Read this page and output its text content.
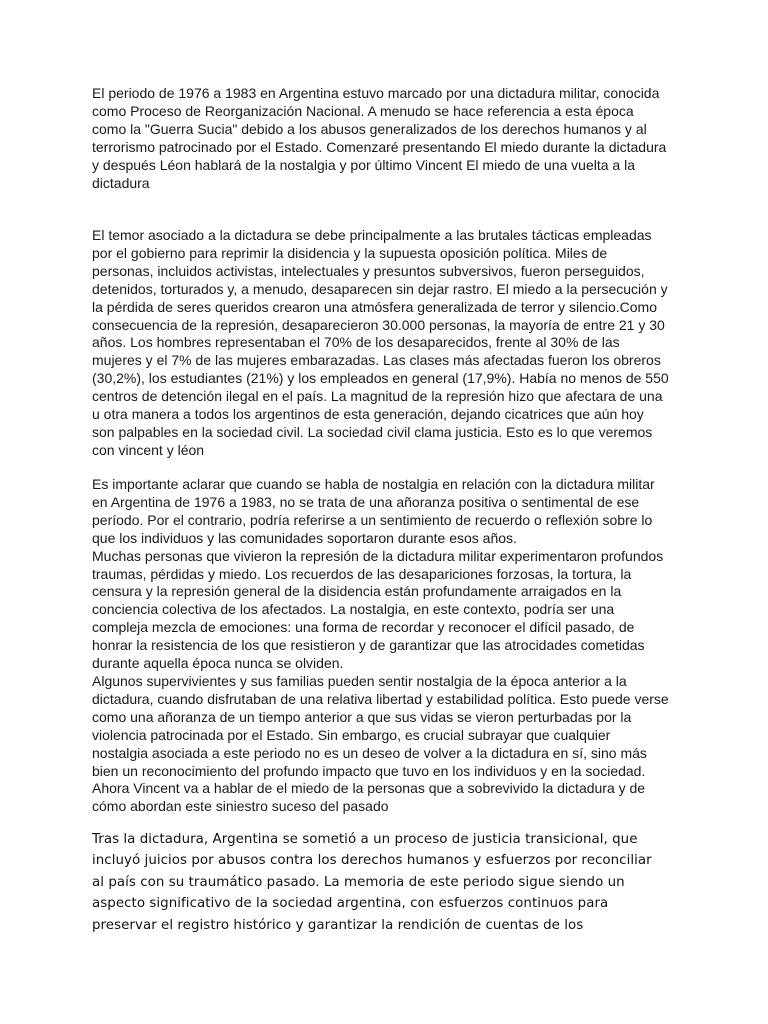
El periodo de 1976 a 1983 en Argentina estuvo marcado por una dictadura militar, conocida
como Proceso de Reorganización Nacional. A menudo se hace referencia a esta época
como la "Guerra Sucia" debido a los abusos generalizados de los derechos humanos y al
terrorismo patrocinado por el Estado. Comenzaré presentando El miedo durante la dictadura
y después Léon hablará de la nostalgia y por último Vincent El miedo de una vuelta a la
dictadura

El temor asociado a la dictadura se debe principalmente a las brutales tácticas empleadas
por el gobierno para reprimir la disidencia y la supuesta oposición política. Miles de
personas, incluidos activistas, intelectuales y presuntos subversivos, fueron perseguidos,
detenidos, torturados y, a menudo, desaparecen sin dejar rastro. El miedo a la persecución y
la pérdida de seres queridos crearon una atmósfera generalizada de terror y silencio.Como
consecuencia de la represión, desaparecieron 30.000 personas, la mayoría de entre 21 y 30
años. Los hombres representaban el 70% de los desaparecidos, frente al 30% de las
mujeres y el 7% de las mujeres embarazadas. Las clases más afectadas fueron los obreros
(30,2%), los estudiantes (21%) y los empleados en general (17,9%). Había no menos de 550
centros de detención ilegal en el país. La magnitud de la represión hizo que afectara de una
u otra manera a todos los argentinos de esta generación, dejando cicatrices que aún hoy
son palpables en la sociedad civil. La sociedad civil clama justicia. Esto es lo que veremos
con vincent y léon

Es importante aclarar que cuando se habla de nostalgia en relación con la dictadura militar
en Argentina de 1976 a 1983, no se trata de una añoranza positiva o sentimental de ese
período. Por el contrario, podría referirse a un sentimiento de recuerdo o reflexión sobre lo
que los individuos y las comunidades soportaron durante esos años.
Muchas personas que vivieron la represión de la dictadura militar experimentaron profundos
traumas, pérdidas y miedo. Los recuerdos de las desapariciones forzosas, la tortura, la
censura y la represión general de la disidencia están profundamente arraigados en la
conciencia colectiva de los afectados. La nostalgia, en este contexto, podría ser una
compleja mezcla de emociones: una forma de recordar y reconocer el difícil pasado, de
honrar la resistencia de los que resistieron y de garantizar que las atrocidades cometidas
durante aquella época nunca se olviden.
Algunos supervivientes y sus familias pueden sentir nostalgia de la época anterior a la
dictadura, cuando disfrutaban de una relativa libertad y estabilidad política. Esto puede verse
como una añoranza de un tiempo anterior a que sus vidas se vieron perturbadas por la
violencia patrocinada por el Estado. Sin embargo, es crucial subrayar que cualquier
nostalgia asociada a este periodo no es un deseo de volver a la dictadura en sí, sino más
bien un reconocimiento del profundo impacto que tuvo en los individuos y en la sociedad.
Ahora Vincent va a hablar de el miedo de la personas que a sobrevivido la dictadura y de
cómo abordan este siniestro suceso del pasado

Tras la dictadura, Argentina se sometió a un proceso de justicia transicional, que
incluyó juicios por abusos contra los derechos humanos y esfuerzos por reconciliar
al país con su traumático pasado. La memoria de este periodo sigue siendo un
aspecto significativo de la sociedad argentina, con esfuerzos continuos para
preservar el registro histórico y garantizar la rendición de cuentas de los
